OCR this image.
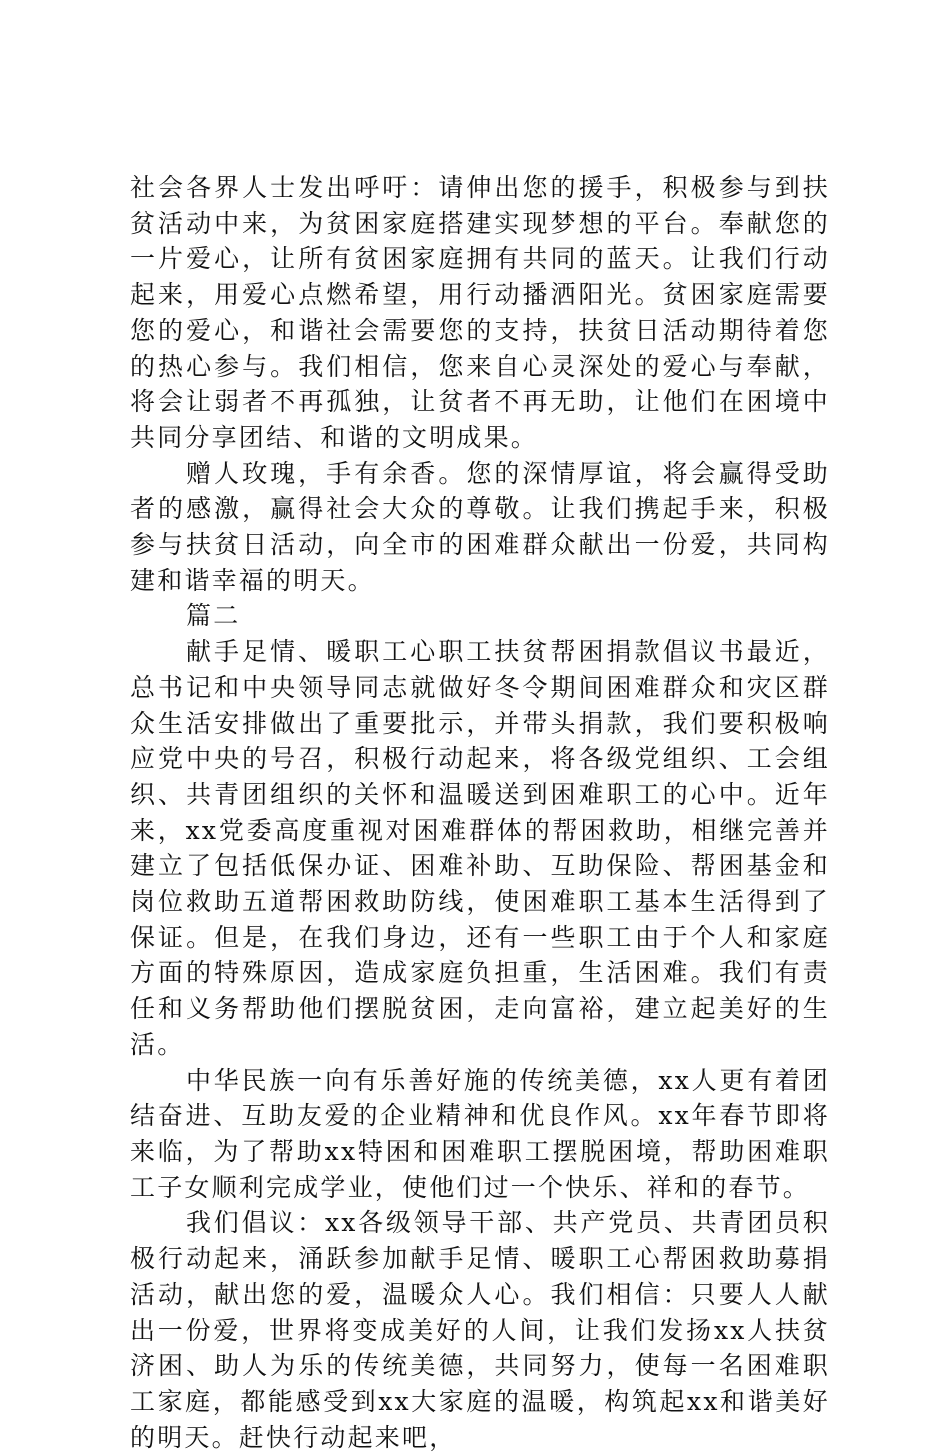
社会各界人士发出呼吁：请伸出您的援手，积极参与到扶贫活动中来，为贫困家庭搭建实现梦想的平台。奉献您的一片爱心，让所有贫困家庭拥有共同的蓝天。让我们行动起来，用爱心点燃希望，用行动播洒阳光。贫困家庭需要您的爱心，和谐社会需要您的支持，扶贫日活动期待着您的热心参与。我们相信，您来自心灵深处的爱心与奉献，将会让弱者不再孤独，让贫者不再无助，让他们在困境中共同分享团结、和谐的文明成果。

赠人玫瑰，手有余香。您的深情厚谊，将会赢得受助者的感激，赢得社会大众的尊敬。让我们携起手来，积极参与扶贫日活动，向全市的困难群众献出一份爱，共同构建和谐幸福的明天。

篇二

献手足情、暖职工心职工扶贫帮困捐款倡议书最近，总书记和中央领导同志就做好冬令期间困难群众和灾区群众生活安排做出了重要批示，并带头捐款，我们要积极响应党中央的号召，积极行动起来，将各级党组织、工会组织、共青团组织的关怀和温暖送到困难职工的心中。近年来，xx党委高度重视对困难群体的帮困救助，相继完善并建立了包括低保办证、困难补助、互助保险、帮困基金和岗位救助五道帮困救助防线，使困难职工基本生活得到了保证。但是，在我们身边，还有一些职工由于个人和家庭方面的特殊原因，造成家庭负担重，生活困难。我们有责任和义务帮助他们摆脱贫困，走向富裕，建立起美好的生活。

中华民族一向有乐善好施的传统美德，xx人更有着团结奋进、互助友爱的企业精神和优良作风。xx年春节即将来临，为了帮助xx特困和困难职工摆脱困境，帮助困难职工子女顺利完成学业，使他们过一个快乐、祥和的春节。

我们倡议：xx各级领导干部、共产党员、共青团员积极行动起来，涌跃参加献手足情、暖职工心帮困救助募捐活动，献出您的爱，温暖众人心。我们相信：只要人人献出一份爱，世界将变成美好的人间，让我们发扬xx人扶贫济困、助人为乐的传统美德，共同努力，使每一名困难职工家庭，都能感受到xx大家庭的温暖，构筑起xx和谐美好的明天。赶快行动起来吧，
